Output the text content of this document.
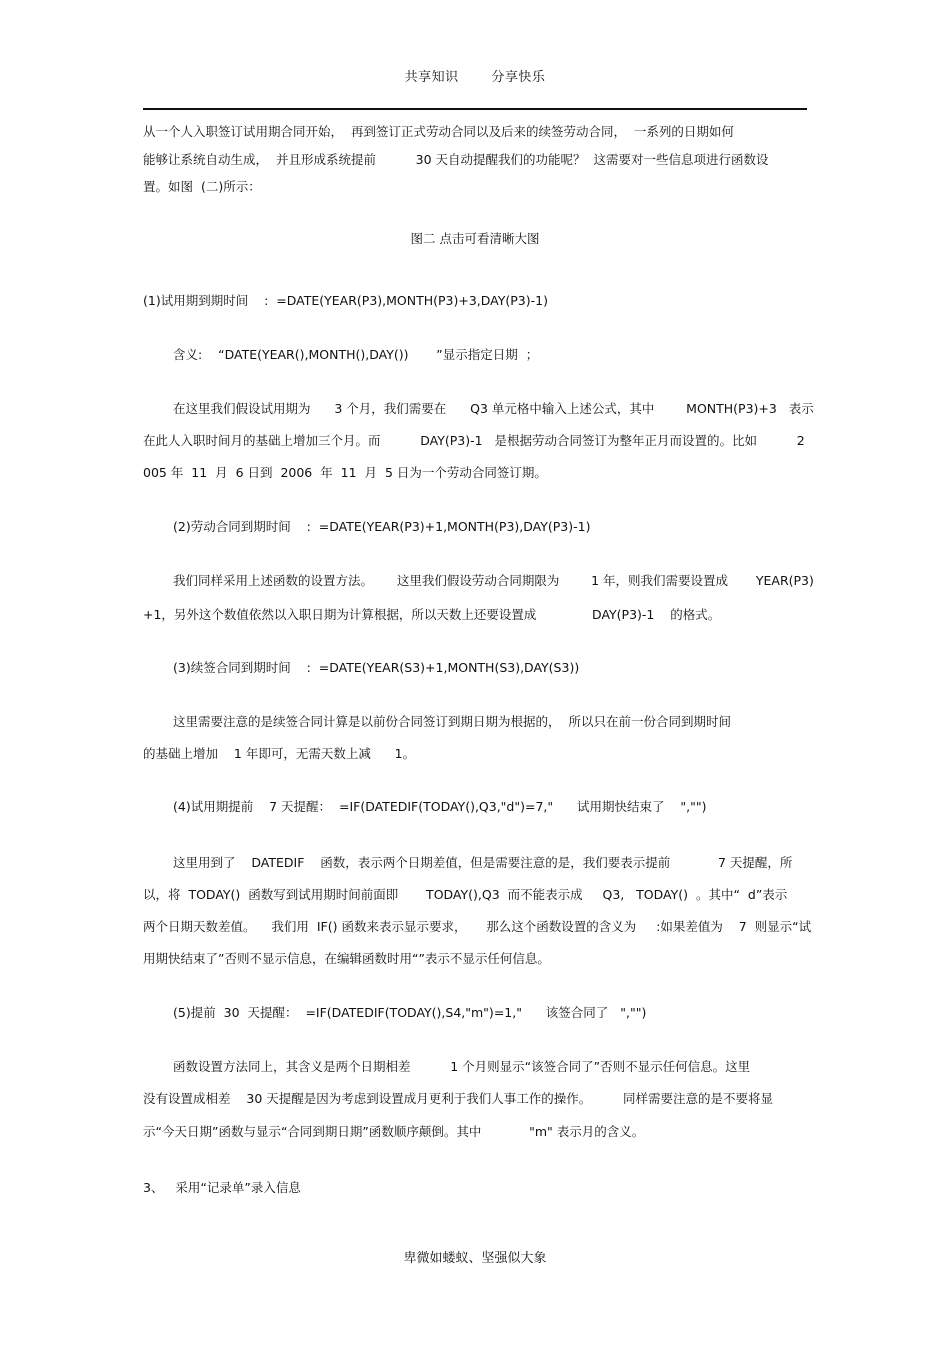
共享知识	分享快乐
从一个人入职签订试用期合同开始，  再到签订正式劳动合同以及后来的续签劳动合同，  一系列的日期如何
能够让系统自动生成，  并且形成系统提前          30 天自动提醒我们的功能呢？  这需要对一些信息项进行函数设
置。如图  (二)所示：
图二 点击可看清晰大图
(1)试用期到期时间    :  =DATE(YEAR(P3),MONTH(P3)+3,DAY(P3)-1)
含义:    “DATE(YEAR(),MONTH(),DAY())       ”显示指定日期  ；
在这里我们假设试用期为      3 个月，我们需要在      Q3 单元格中输入上述公式，其中        MONTH(P3)+3   表示
在此人入职时间月的基础上增加三个月。而          DAY(P3)-1   是根据劳动合同签订为整年正月而设置的。比如          2
005 年  11  月  6 日到  2006  年  11  月  5 日为一个劳动合同签订期。
(2)劳动合同到期时间    :  =DATE(YEAR(P3)+1,MONTH(P3),DAY(P3)-1)
我们同样采用上述函数的设置方法。      这里我们假设劳动合同期限为        1 年，则我们需要设置成       YEAR(P3)
+1，另外这个数值依然以入职日期为计算根据，所以天数上还要设置成              DAY(P3)-1    的格式。
(3)续签合同到期时间    :  =DATE(YEAR(S3)+1,MONTH(S3),DAY(S3))
这里需要注意的是续签合同计算是以前份合同签订到期日期为根据的，  所以只在前一份合同到期时间
的基础上增加    1 年即可，无需天数上减      1。
(4)试用期提前    7 天提醒：  =IF(DATEDIF(TODAY(),Q3,"d")=7,"      试用期快结束了    ","")
这里用到了    DATEDIF    函数，表示两个日期差值，但是需要注意的是，我们要表示提前            7 天提醒，所
以，将  TODAY()  函数写到试用期时间前面即       TODAY(),Q3  而不能表示成     Q3,   TODAY()  。其中“  d”表示
两个日期天数差值。    我们用  IF() 函数来表示显示要求，     那么这个函数设置的含义为     :如果差值为    7  则显示“试
用期快结束了”否则不显示信息，在编辑函数时用“”表示不显示任何信息。
(5)提前  30  天提醒：  =IF(DATEDIF(TODAY(),S4,"m")=1,"      该签合同了   ","")
函数设置方法同上，其含义是两个日期相差          1 个月则显示“该签合同了”否则不显示任何信息。这里
没有设置成相差    30 天提醒是因为考虑到设置成月更利于我们人事工作的操作。        同样需要注意的是不要将显
示“今天日期”函数与显示“合同到期日期”函数顺序颠倒。其中            "m" 表示月的含义。
3、   采用“记录单”录入信息
卑微如蝼蚁、坚强似大象
